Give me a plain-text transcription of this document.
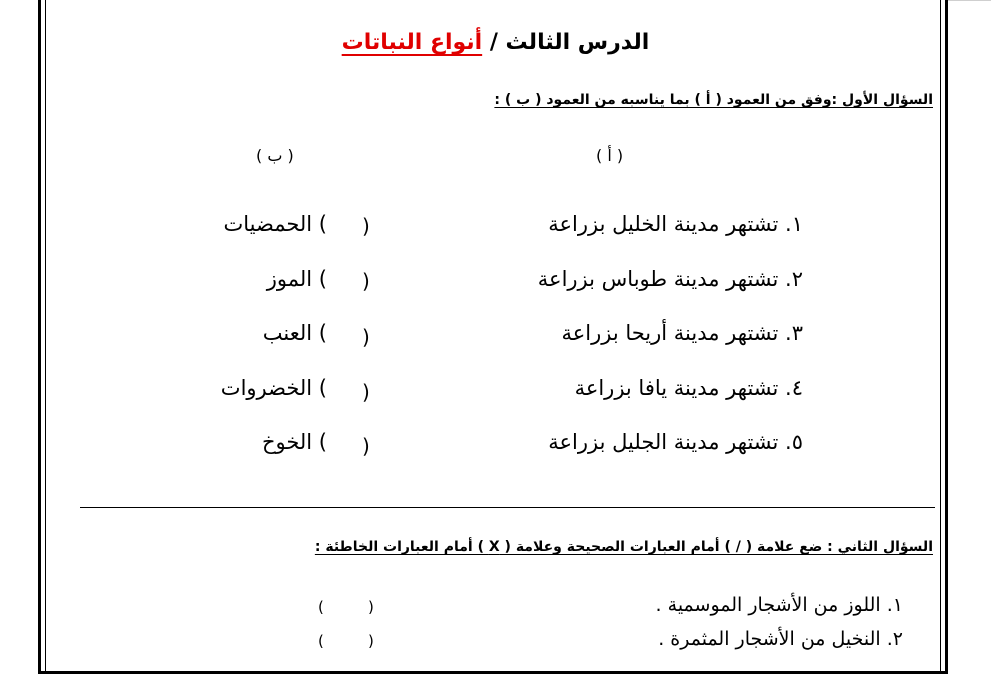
الدرس الثالث / أنواع النباتات
السؤال الأول :وفق من العمود ( أ ) بما يناسبه من العمود ( ب ) :
( أ )
( ب )
١. تشتهر مدينة الخليل بزراعة
(
) الحمضيات
٢. تشتهر مدينة طوباس بزراعة
(
) الموز
٣. تشتهر مدينة أريحا بزراعة
(
) العنب
٤. تشتهر مدينة يافا بزراعة
(
) الخضروات
٥. تشتهر مدينة الجليل بزراعة
(
) الخوخ
السؤال الثاني : ضع علامة ( / ) أمام العبارات الصحيحة وعلامة ( X ) أمام العبارات الخاطئة :
١. اللوز من الأشجار الموسمية .
(
)
٢. النخيل من الأشجار المثمرة .
(
)
